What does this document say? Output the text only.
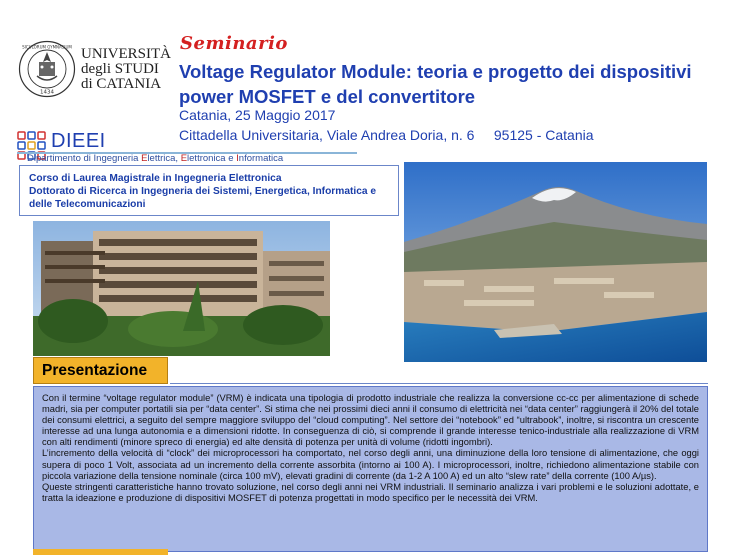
1434
SICULORUM GYMNASIUM UNIVERSITÀ
degli STUDI
di CATANIA
Seminario
Voltage Regulator Module: teoria e progetto dei dispositivi power MOSFET e del convertitore
Catania, 25 Maggio 2017
Cittadella Universitaria, Viale Andrea Doria, n. 6     95125 - Catania
DIEEI
Dipartimento di Ingegneria Elettrica, Elettronica e Informatica
Corso di Laurea Magistrale in Ingegneria Elettronica
Dottorato di Ricerca in Ingegneria dei Sistemi, Energetica, Informatica e
delle Telecomunicazioni
Presentazione

Con il termine “voltage regulator module” (VRM) è indicata una tipologia di prodotto industriale che realizza la conversione cc-cc per alimentazione di schede madri, sia per computer portatili sia per “data center”. Si stima che nei prossimi dieci anni il consumo di elettricità nei “data center” raggiungerà il 20% del totale dei consumi elettrici, a seguito del sempre maggiore sviluppo del “cloud computing”. Nel settore dei “notebook” ed “ultrabook”, inoltre, si riscontra un crescente interesse ad una lunga autonomia e a dimensioni ridotte. In conseguenza di ciò, si comprende il grande interesse tenico-industriale alla realizzazione di VRM con alti rendimenti (minore spreco di energia) ed alte densità di potenza per unità di volume (ridotti ingombri).

L’incremento della velocità di “clock” dei microprocessori ha comportato, nel corso degli anni, una diminuzione della loro tensione di alimentazione, che oggi supera di poco 1 Volt, associata ad un incremento della corrente assorbita (intorno ai 100 A). I microprocessori, inoltre, richiedono alimentazione stabile con piccola variazione della tensione nominale (circa 100 mV), elevati gradini di corrente (da 1-2 A 100 A) ed un alto “slew rate” della corrente (100 A/µs).

Queste stringenti caratteristiche hanno trovato soluzione, nel corso degli anni nei VRM industriali. Il seminario analizza i vari problemi e le soluzioni adottate, e tratta la ideazione e produzione di dispositivi MOSFET di potenza progettati in modo specifico per le necessità dei VRM.
